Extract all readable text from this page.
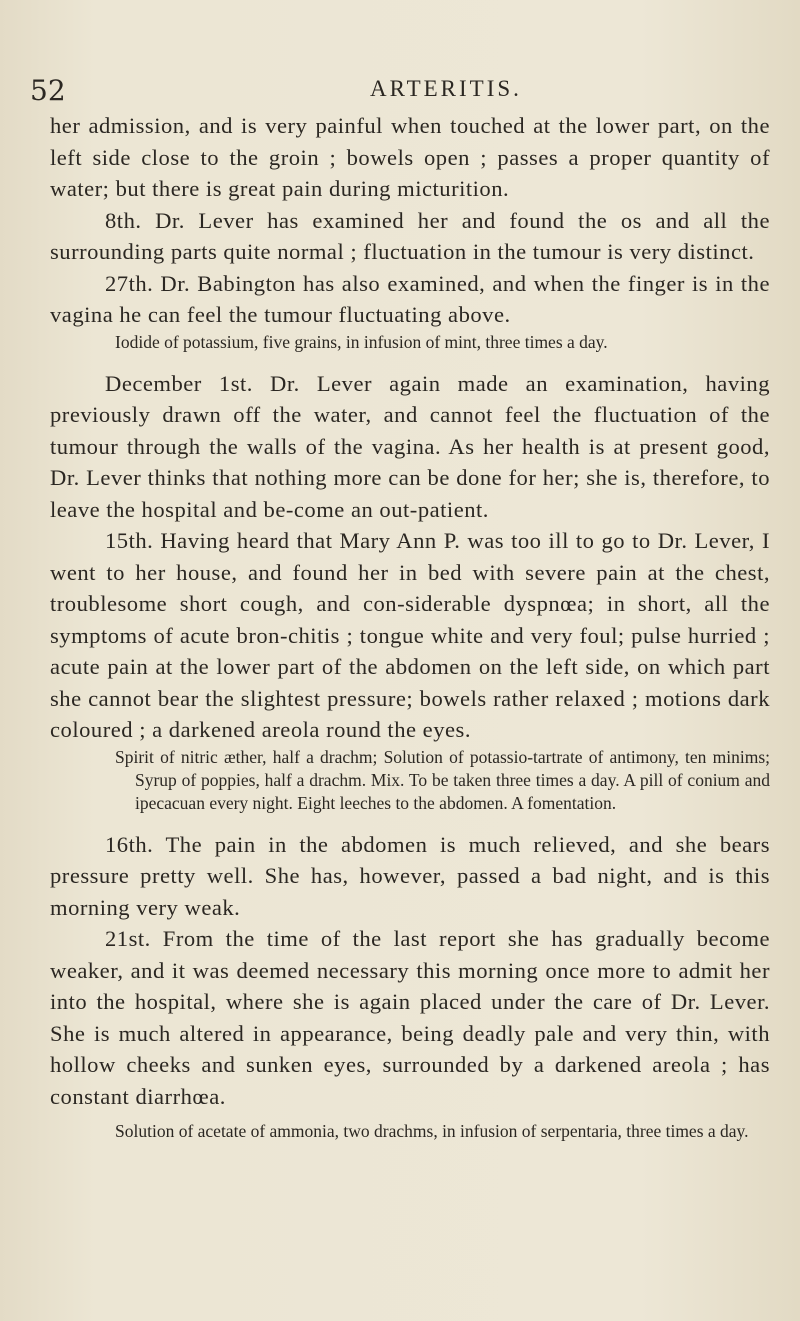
52	ARTERITIS.

her admission, and is very painful when touched at the lower part, on the left side close to the groin ; bowels open ; passes a proper quantity of water; but there is great pain during micturition.

8th. Dr. Lever has examined her and found the os and all the surrounding parts quite normal ; fluctuation in the tumour is very distinct.

27th. Dr. Babington has also examined, and when the finger is in the vagina he can feel the tumour fluctuating above.

Iodide of potassium, five grains, in infusion of mint, three times a day.

December 1st. Dr. Lever again made an examination, having previously drawn off the water, and cannot feel the fluctuation of the tumour through the walls of the vagina. As her health is at present good, Dr. Lever thinks that nothing more can be done for her; she is, therefore, to leave the hospital and be-come an out-patient.

15th. Having heard that Mary Ann P. was too ill to go to Dr. Lever, I went to her house, and found her in bed with severe pain at the chest, troublesome short cough, and con-siderable dyspnœa; in short, all the symptoms of acute bron-chitis ; tongue white and very foul; pulse hurried ; acute pain at the lower part of the abdomen on the left side, on which part she cannot bear the slightest pressure; bowels rather relaxed ; motions dark coloured ; a darkened areola round the eyes.

Spirit of nitric æther, half a drachm; Solution of potassio-tartrate of antimony, ten minims; Syrup of poppies, half a drachm. Mix. To be taken three times a day. A pill of conium and ipecacuan every night. Eight leeches to the abdomen. A fomentation.

16th. The pain in the abdomen is much relieved, and she bears pressure pretty well. She has, however, passed a bad night, and is this morning very weak.

21st. From the time of the last report she has gradually become weaker, and it was deemed necessary this morning once more to admit her into the hospital, where she is again placed under the care of Dr. Lever. She is much altered in appearance, being deadly pale and very thin, with hollow cheeks and sunken eyes, surrounded by a darkened areola ; has constant diarrhœa.

Solution of acetate of ammonia, two drachms, in infusion of serpentaria, three times a day.
